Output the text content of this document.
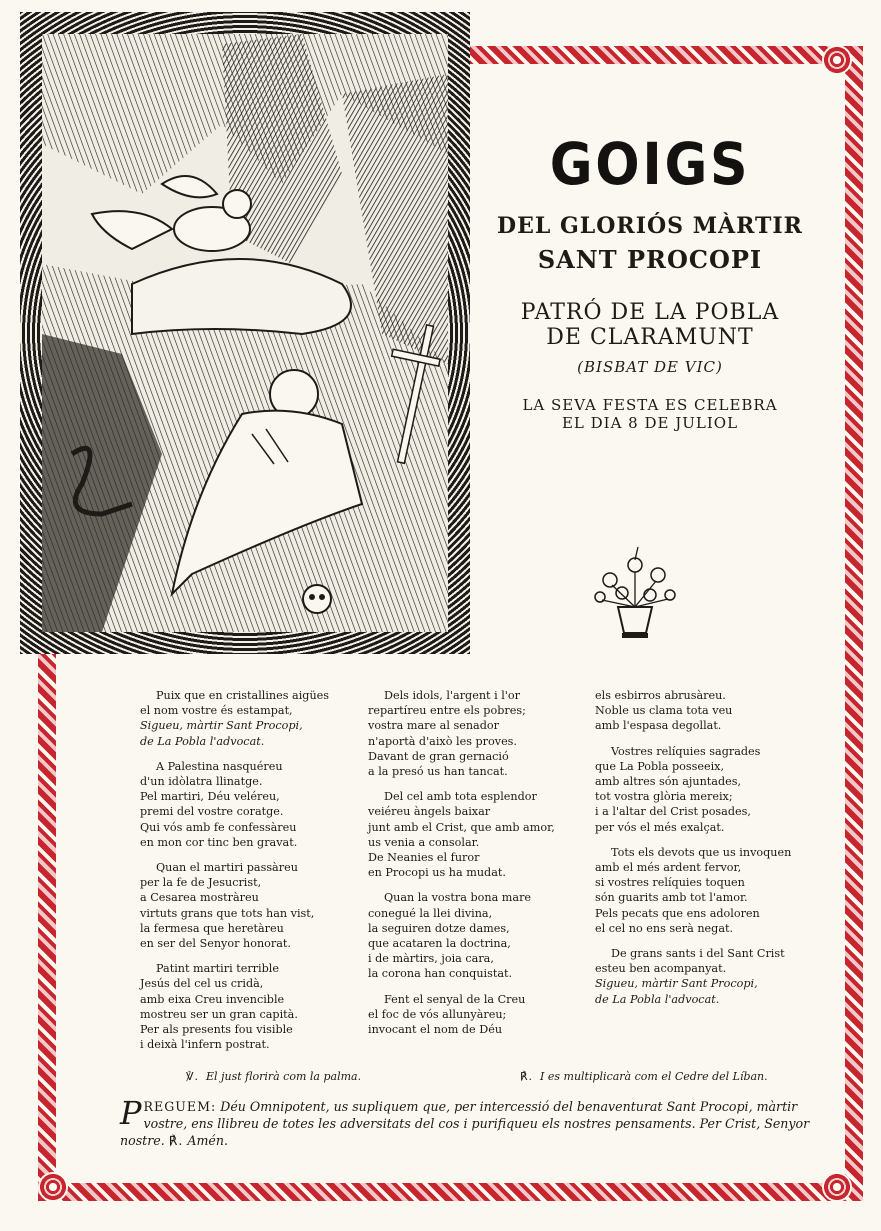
GOIGS

DEL GLORIÓS MÀRTIR

SANT PROCOPI

PATRÓ DE LA POBLA

DE CLARAMUNT

(BISBAT DE VIC)

LA SEVA FESTA ES CELEBRA

EL DIA 8 DE JULIOL

Puix que en cristallines aigües
el nom vostre és estampat,
Sigueu, màrtir Sant Procopi,
de La Pobla l'advocat.

A Palestina nasquéreu
d'un idòlatra llinatge.
Pel martiri, Déu veléreu,
premi del vostre coratge.
Qui vós amb fe confessàreu
en mon cor tinc ben gravat.

Quan el martiri passàreu
per la fe de Jesucrist,
a Cesarea mostràreu
virtuts grans que tots han vist,
la fermesa que heretàreu
en ser del Senyor honorat.

Patint martiri terrible
Jesús del cel us cridà,
amb eixa Creu invencible
mostreu ser un gran capità.
Per als presents fou visible
i deixà l'infern postrat.

Dels idols, l'argent i l'or
repartíreu entre els pobres;
vostra mare al senador
n'aportà d'això les proves.
Davant de gran gernació
a la presó us han tancat.

Del cel amb tota esplendor
veiéreu àngels baixar
junt amb el Crist, que amb amor,
us venia a consolar.
De Neanies el furor
en Procopi us ha mudat.

Quan la vostra bona mare
conegué la llei divina,
la seguiren dotze dames,
que acataren la doctrina,
i de màrtirs, joia cara,
la corona han conquistat.

Fent el senyal de la Creu
el foc de vós allunyàreu;
invocant el nom de Déu

els esbirros abrusàreu.
Noble us clama tota veu
amb l'espasa degollat.

Vostres relíquies sagrades
que La Pobla posseeix,
amb altres són ajuntades,
tot vostra glòria mereix;
i a l'altar del Crist posades,
per vós el més exalçat.

Tots els devots que us invoquen
amb el més ardent fervor,
si vostres relíquies toquen
són guarits amb tot l'amor.
Pels pecats que ens adoloren
el cel no ens serà negat.

De grans sants i del Sant Crist
esteu ben acompanyat.
Sigueu, màrtir Sant Procopi,
de La Pobla l'advocat.

℣. El just florirà com la palma.	℟. I es multiplicarà com el Cedre del Líban.
PREGUEM: Déu Omnipotent, us supliquem que, per intercessió del benaventurat Sant Procopi, màrtir vostre, ens llibreu de totes les adversitats del cos i purifiqueu els nostres pensaments. Per Crist, Senyor nostre. ℟. Amén.
